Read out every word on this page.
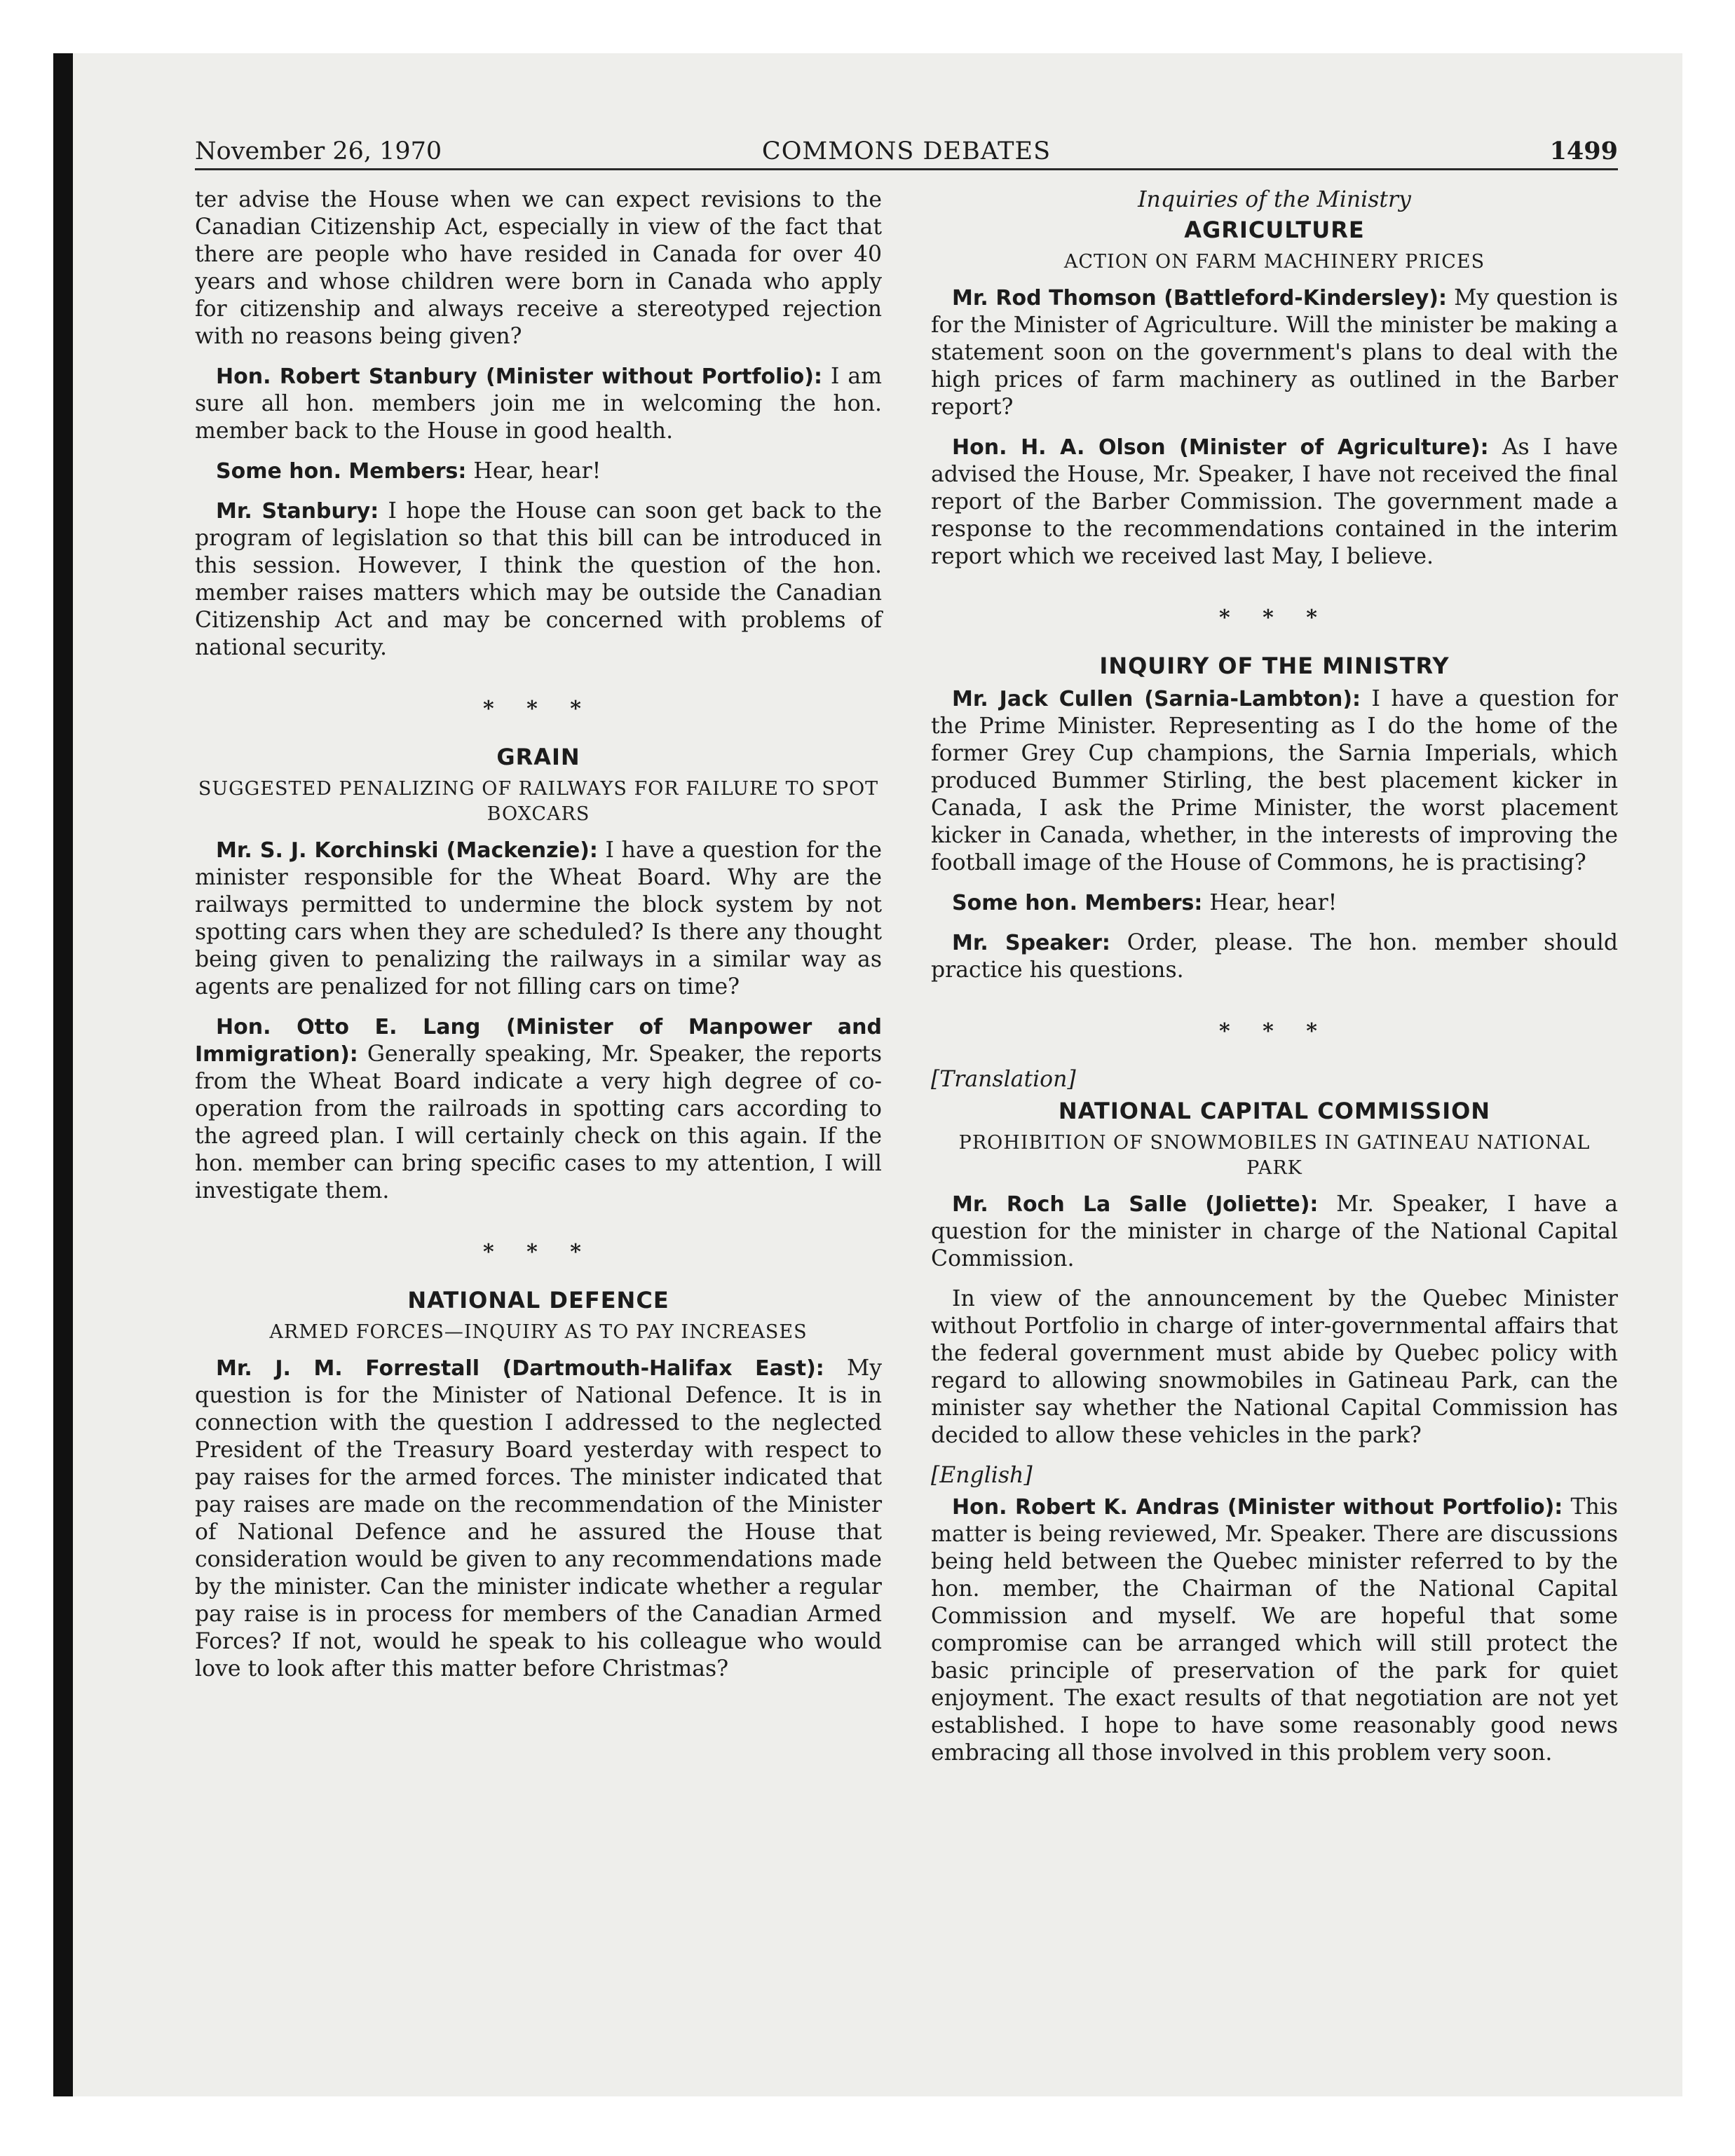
November 26, 1970	COMMONS DEBATES	1499

ter advise the House when we can expect revisions to the Canadian Citizenship Act, especially in view of the fact that there are people who have resided in Canada for over 40 years and whose children were born in Canada who apply for citizenship and always receive a stereotyped rejection with no reasons being given?

Hon. Robert Stanbury (Minister without Portfolio): I am sure all hon. members join me in welcoming the hon. member back to the House in good health.

Some hon. Members: Hear, hear!

Mr. Stanbury: I hope the House can soon get back to the program of legislation so that this bill can be introduced in this session. However, I think the question of the hon. member raises matters which may be outside the Canadian Citizenship Act and may be concerned with problems of national security.

* * *
GRAIN
SUGGESTED PENALIZING OF RAILWAYS FOR FAILURE TO SPOT BOXCARS

Mr. S. J. Korchinski (Mackenzie): I have a question for the minister responsible for the Wheat Board. Why are the railways permitted to undermine the block system by not spotting cars when they are scheduled? Is there any thought being given to penalizing the railways in a similar way as agents are penalized for not filling cars on time?

Hon. Otto E. Lang (Minister of Manpower and Immigration): Generally speaking, Mr. Speaker, the reports from the Wheat Board indicate a very high degree of co-operation from the railroads in spotting cars according to the agreed plan. I will certainly check on this again. If the hon. member can bring specific cases to my attention, I will investigate them.

* * *
NATIONAL DEFENCE
ARMED FORCES—INQUIRY AS TO PAY INCREASES

Mr. J. M. Forrestall (Dartmouth-Halifax East): My question is for the Minister of National Defence. It is in connection with the question I addressed to the neglected President of the Treasury Board yesterday with respect to pay raises for the armed forces. The minister indicated that pay raises are made on the recommendation of the Minister of National Defence and he assured the House that consideration would be given to any recommendations made by the minister. Can the minister indicate whether a regular pay raise is in process for members of the Canadian Armed Forces? If not, would he speak to his colleague who would love to look after this matter before Christmas?

Inquiries of the Ministry

AGRICULTURE
ACTION ON FARM MACHINERY PRICES

Mr. Rod Thomson (Battleford-Kindersley): My question is for the Minister of Agriculture. Will the minister be making a statement soon on the government's plans to deal with the high prices of farm machinery as outlined in the Barber report?

Hon. H. A. Olson (Minister of Agriculture): As I have advised the House, Mr. Speaker, I have not received the final report of the Barber Commission. The government made a response to the recommendations contained in the interim report which we received last May, I believe.

* * *
INQUIRY OF THE MINISTRY

Mr. Jack Cullen (Sarnia-Lambton): I have a question for the Prime Minister. Representing as I do the home of the former Grey Cup champions, the Sarnia Imperials, which produced Bummer Stirling, the best placement kicker in Canada, I ask the Prime Minister, the worst placement kicker in Canada, whether, in the interests of improving the football image of the House of Commons, he is practising?

Some hon. Members: Hear, hear!

Mr. Speaker: Order, please. The hon. member should practice his questions.

* * *

[Translation]

NATIONAL CAPITAL COMMISSION
PROHIBITION OF SNOWMOBILES IN GATINEAU NATIONAL PARK

Mr. Roch La Salle (Joliette): Mr. Speaker, I have a question for the minister in charge of the National Capital Commission.

In view of the announcement by the Quebec Minister without Portfolio in charge of inter-governmental affairs that the federal government must abide by Quebec policy with regard to allowing snowmobiles in Gatineau Park, can the minister say whether the National Capital Commission has decided to allow these vehicles in the park?

[English]

Hon. Robert K. Andras (Minister without Portfolio): This matter is being reviewed, Mr. Speaker. There are discussions being held between the Quebec minister referred to by the hon. member, the Chairman of the National Capital Commission and myself. We are hopeful that some compromise can be arranged which will still protect the basic principle of preservation of the park for quiet enjoyment. The exact results of that negotiation are not yet established. I hope to have some reasonably good news embracing all those involved in this problem very soon.
